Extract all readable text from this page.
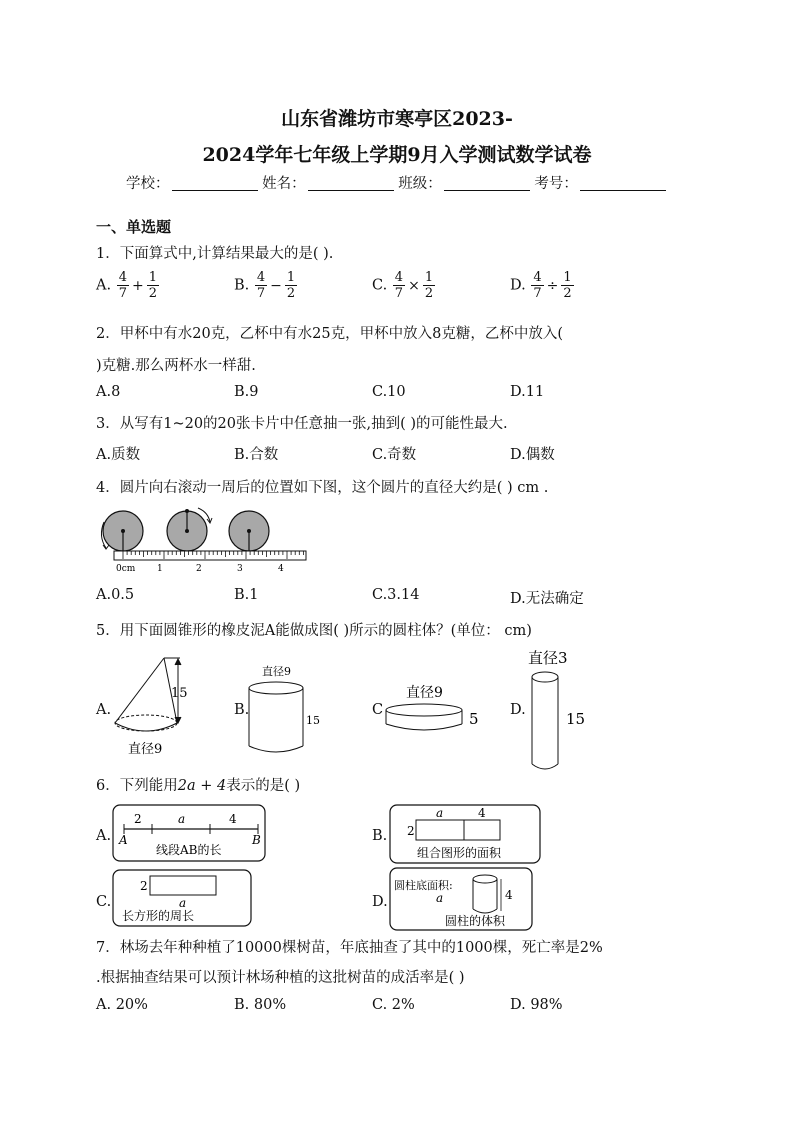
山东省潍坊市寒亭区2023-
2024学年七年级上学期9月入学测试数学试卷
学校：	姓名：	班级：	考号：
一、单选题
1．下面算式中,计算结果最大的是( ).
A. $\frac{4}{7} + \frac{1}{2}$	B. $\frac{4}{7} - \frac{1}{2}$	C. $\frac{4}{7} \times \frac{1}{2}$	D. $\frac{4}{7} \div \frac{1}{2}$
2．甲杯中有水20克，乙杯中有水25克，甲杯中放入8克糖，乙杯中放入(
)克糖.那么两杯水一样甜.
A.8	B.9	C.10	D.11
3．从写有1~20的20张卡片中任意抽一张,抽到( )的可能性最大.
A.质数	B.合数	C.奇数	D.偶数
4．圆片向右滚动一周后的位置如下图，这个圆片的直径大约是( ) cm .
0cm 1	2	3	4
A.0.5	B.1	C.3.14	D.无法确定
5．用下面圆锥形的橡皮泥A能做成图( )所示的圆柱体？(单位： cm)
A.
15
直径9
B.
直径9
15
C
直径9
5 D.
直径3
15
6．下列能用2a + 4表示的是( )
A.
2	a	4
A	B
线段AB的长
B.
a	4
2
组合图形的面积
C.
2
a
长方形的周长
D.
圆柱底面积:
a	4
圆柱的体积
7．林场去年种种植了10000棵树苗，年底抽查了其中的1000棵，死亡率是2%
.根据抽查结果可以预计林场种植的这批树苗的成活率是( )
A. 20%	B. 80%	C. 2%	D. 98%
